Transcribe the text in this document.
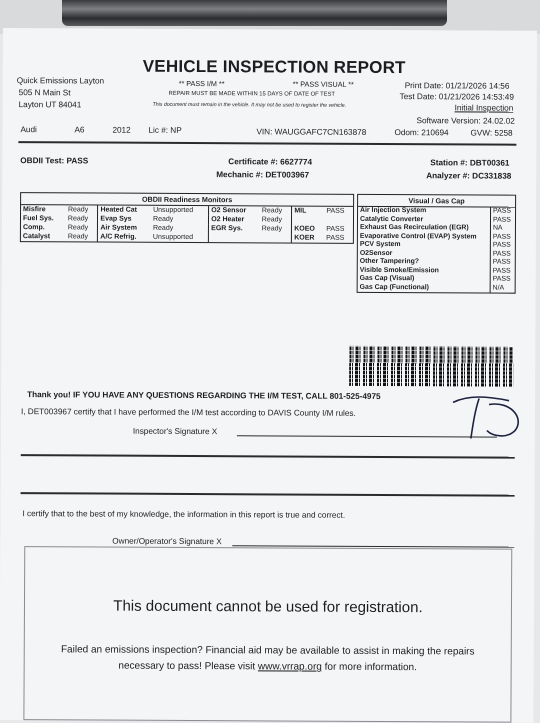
VEHICLE INSPECTION REPORT
Quick Emissions Layton
505 N Main St
Layton UT 84041
** PASS I/M **	** PASS VISUAL **
REPAIR MUST BE MADE WITHIN 15 DAYS OF DATE OF TEST
This document must remain in the vehicle. It may not be used to register the vehicle.
Print Date: 01/21/2026 14:56
Test Date: 01/21/2026 14:53:49
Initial Inspection
Software Version: 24.02.02
Audi	A6	2012 Lic #: NP	VIN: WAUGGAFC7CN163878	Odom: 210694	GVW: 5258
OBDII Test: PASS	Certificate #: 6627774	Station #: DBT00361
Mechanic #: DET003967	Analyzer #: DC331838
OBDII Readiness Monitors
Misfire	Ready	Heated Cat	Unsupported	O2 Sensor	Ready	MIL	PASS
Fuel Sys.	Ready	Evap Sys	Ready	O2 Heater	Ready		
Comp.	Ready	Air System	Ready	EGR Sys.	Ready	KOEO	PASS
Catalyst	Ready	A/C Refrig.	Unsupported			KOER	PASS
Visual / Gas Cap
Air Injection System	PASS
Catalytic Converter	PASS
Exhaust Gas Recirculation (EGR)	NA
Evaporative Control (EVAP) System	PASS
PCV System	PASS
O2Sensor	PASS
Other Tampering?	PASS
Visible Smoke/Emission	PASS
Gas Cap (Visual)	PASS
Gas Cap (Functional)	N/A
Thank you! IF YOU HAVE ANY QUESTIONS REGARDING THE I/M TEST, CALL 801-525-4975
I, DET003967 certify that I have performed the I/M test according to DAVIS County I/M rules.
Inspector's Signature X
I certify that to the best of my knowledge, the information in this report is true and correct.
Owner/Operator's Signature X
This document cannot be used for registration.
Failed an emissions inspection? Financial aid may be available to assist in making the repairs
necessary to pass! Please visit www.vrrap.org for more information.
